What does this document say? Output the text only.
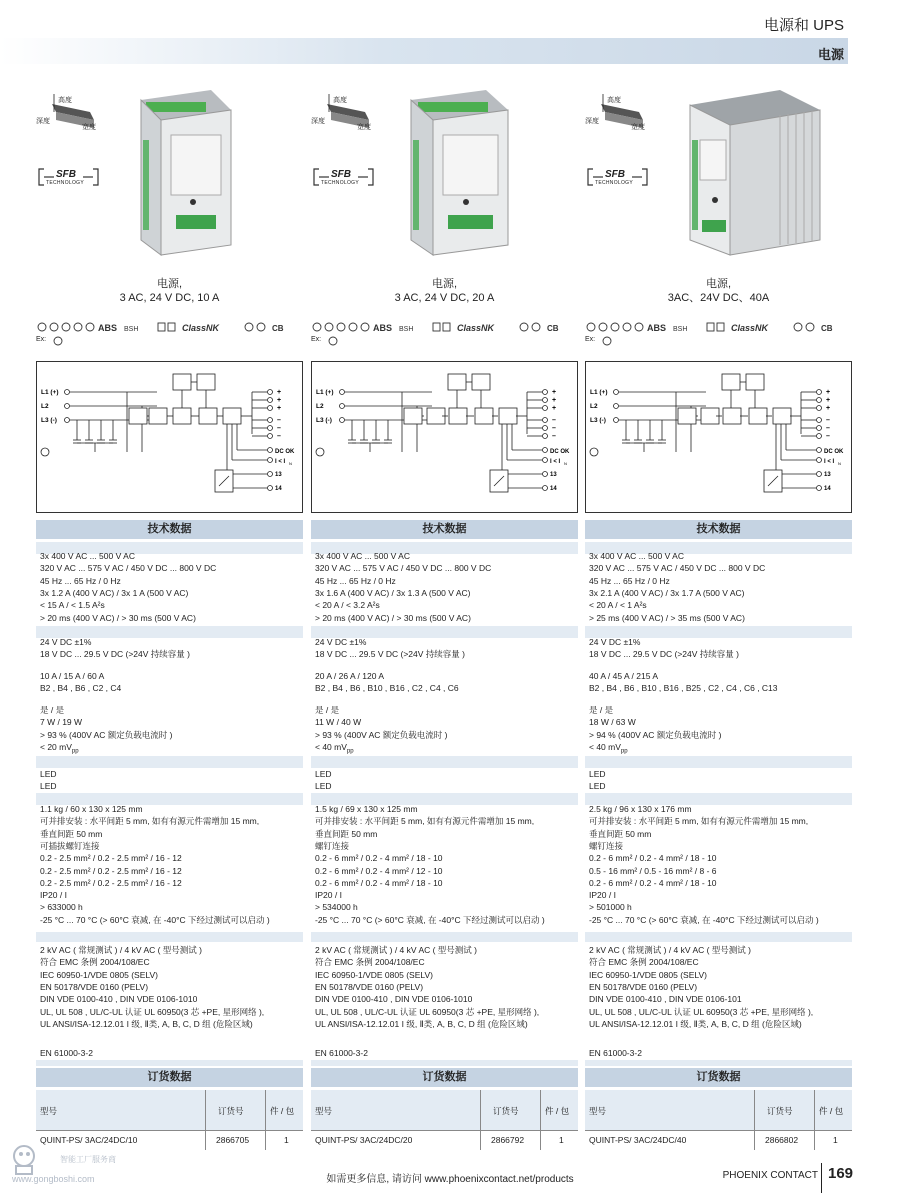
电源和 UPS
电源
高度
深度
宽度
SFB
TECHNOLOGY
电源,
3 AC, 24 V DC, 10 A
ABS BSH	ClassNK	CB
Ex:
L1 (+)
L2
L3 (-)
+
+
+
–
–
–
DC OK
I < I N
13
14
技术数据
3x 400 V AC ... 500 V AC
320 V AC ... 575 V AC / 450 V DC ... 800 V DC
45 Hz ... 65 Hz / 0 Hz
3x 1.2 A (400 V AC) / 3x 1 A (500 V AC)
< 15 A / < 1.5 A²s
> 20 ms (400 V AC) / > 30 ms (500 V AC)
24 V DC ±1%
18 V DC ... 29.5 V DC (>24V 持续容量 )
10 A / 15 A / 60 A
B2 , B4 , B6 , C2 , C4
是 / 是
7 W / 19 W
> 93 % (400V AC 额定负载电流时 )
< 20 $mV_{pp}$
LED
LED
1.1 kg / 60 x 130 x 125 mm
可并排安装 : 水平间距 5 mm, 如有有源元件需增加 15 mm,
垂直间距 50 mm
可插拔螺钉连接
0.2 - 2.5 mm² / 0.2 - 2.5 mm² / 16 - 12
0.2 - 2.5 mm² / 0.2 - 2.5 mm² / 16 - 12
0.2 - 2.5 mm² / 0.2 - 2.5 mm² / 16 - 12
IP20 / I
> 633000 h
-25 °C ... 70 °C (> 60°C 衰减, 在 -40°C 下经过测试可以启动 )
2 kV AC ( 常规测试 ) / 4 kV AC ( 型号测试 )
符合 EMC 条例 2004/108/EC
IEC 60950-1/VDE 0805 (SELV)
EN 50178/VDE 0160 (PELV)
DIN VDE 0100-410 , DIN VDE 0106-1010
UL, UL 508 , UL/C-UL 认证 UL 60950(3 芯 +PE, 星形网络 ),
UL ANSI/ISA-12.12.01 I 级, Ⅱ类, A, B, C, D 组 (危险区域)
EN 61000-3-2
订货数据
型号	订货号	件 / 包
QUINT-PS/ 3AC/24DC/10	2866705	1
高度
深度
宽度
SFB
TECHNOLOGY
电源,
3 AC, 24 V DC, 20 A
ABS BSH	ClassNK	CB
Ex:
L1 (+)
L2
L3 (-)
+
+
+
–
–
–
DC OK
I < I N
13
14
技术数据
3x 400 V AC ... 500 V AC
320 V AC ... 575 V AC / 450 V DC ... 800 V DC
45 Hz ... 65 Hz / 0 Hz
3x 1.6 A (400 V AC) / 3x 1.3 A (500 V AC)
< 20 A / < 3.2 A²s
> 20 ms (400 V AC) / > 30 ms (500 V AC)
24 V DC ±1%
18 V DC ... 29.5 V DC (>24V 持续容量 )
20 A / 26 A / 120 A
B2 , B4 , B6 , B10 , B16 , C2 , C4 , C6
是 / 是
11 W / 40 W
> 93 % (400V AC 额定负载电流时 )
< 40 $mV_{pp}$
LED
LED
1.5 kg / 69 x 130 x 125 mm
可并排安装 : 水平间距 5 mm, 如有有源元件需增加 15 mm,
垂直间距 50 mm
螺钉连接
0.2 - 6 mm² / 0.2 - 4 mm² / 18 - 10
0.2 - 6 mm² / 0.2 - 4 mm² / 12 - 10
0.2 - 6 mm² / 0.2 - 4 mm² / 18 - 10
IP20 / I
> 534000 h
-25 °C ... 70 °C (> 60°C 衰减, 在 -40°C 下经过测试可以启动 )
2 kV AC ( 常规测试 ) / 4 kV AC ( 型号测试 )
符合 EMC 条例 2004/108/EC
IEC 60950-1/VDE 0805 (SELV)
EN 50178/VDE 0160 (PELV)
DIN VDE 0100-410 , DIN VDE 0106-1010
UL, UL 508 , UL/C-UL 认证 UL 60950(3 芯 +PE, 星形网络 ),
UL ANSI/ISA-12.12.01 I 级, Ⅱ类, A, B, C, D 组 (危险区域)
EN 61000-3-2
订货数据
型号	订货号	件 / 包
QUINT-PS/ 3AC/24DC/20	2866792	1
高度
深度
宽度
SFB
TECHNOLOGY
电源,
3AC、24V DC、40A
ABS BSH	ClassNK	CB
Ex:
L1 (+)
L2
L3 (-)
+
+
+
–
–
–
DC OK
I < I N
13
14
技术数据
3x 400 V AC ... 500 V AC
320 V AC ... 575 V AC / 450 V DC ... 800 V DC
45 Hz ... 65 Hz / 0 Hz
3x 2.1 A (400 V AC) / 3x 1.7 A (500 V AC)
< 20 A / < 1 A²s
> 25 ms (400 V AC) / > 35 ms (500 V AC)
24 V DC ±1%
18 V DC ... 29.5 V DC (>24V 持续容量 )
40 A / 45 A / 215 A
B2 , B4 , B6 , B10 , B16 , B25 , C2 , C4 , C6 , C13
是 / 是
18 W / 63 W
> 94 % (400V AC 额定负载电流时 )
< 40 $mV_{pp}$
LED
LED
2.5 kg / 96 x 130 x 176 mm
可并排安装 : 水平间距 5 mm, 如有有源元件需增加 15 mm,
垂直间距 50 mm
螺钉连接
0.2 - 6 mm² / 0.2 - 4 mm² / 18 - 10
0.5 - 16 mm² / 0.5 - 16 mm² / 8 - 6
0.2 - 6 mm² / 0.2 - 4 mm² / 18 - 10
IP20 / I
> 501000 h
-25 °C ... 70 °C (> 60°C 衰减, 在 -40°C 下经过测试可以启动 )
2 kV AC ( 常规测试 ) / 4 kV AC ( 型号测试 )
符合 EMC 条例 2004/108/EC
IEC 60950-1/VDE 0805 (SELV)
EN 50178/VDE 0160 (PELV)
DIN VDE 0100-410 , DIN VDE 0106-101
UL, UL 508 , UL/C-UL 认证 UL 60950(3 芯 +PE, 星形网络 ),
UL ANSI/ISA-12.12.01 I 级, Ⅱ类, A, B, C, D 组 (危险区域)
EN 61000-3-2
订货数据
型号	订货号	件 / 包
QUINT-PS/ 3AC/24DC/40	2866802	1
如需更多信息, 请访问 www.phoenixcontact.net/products	PHOENIX CONTACT 169
智能工厂服务商
www.gongboshi.com
